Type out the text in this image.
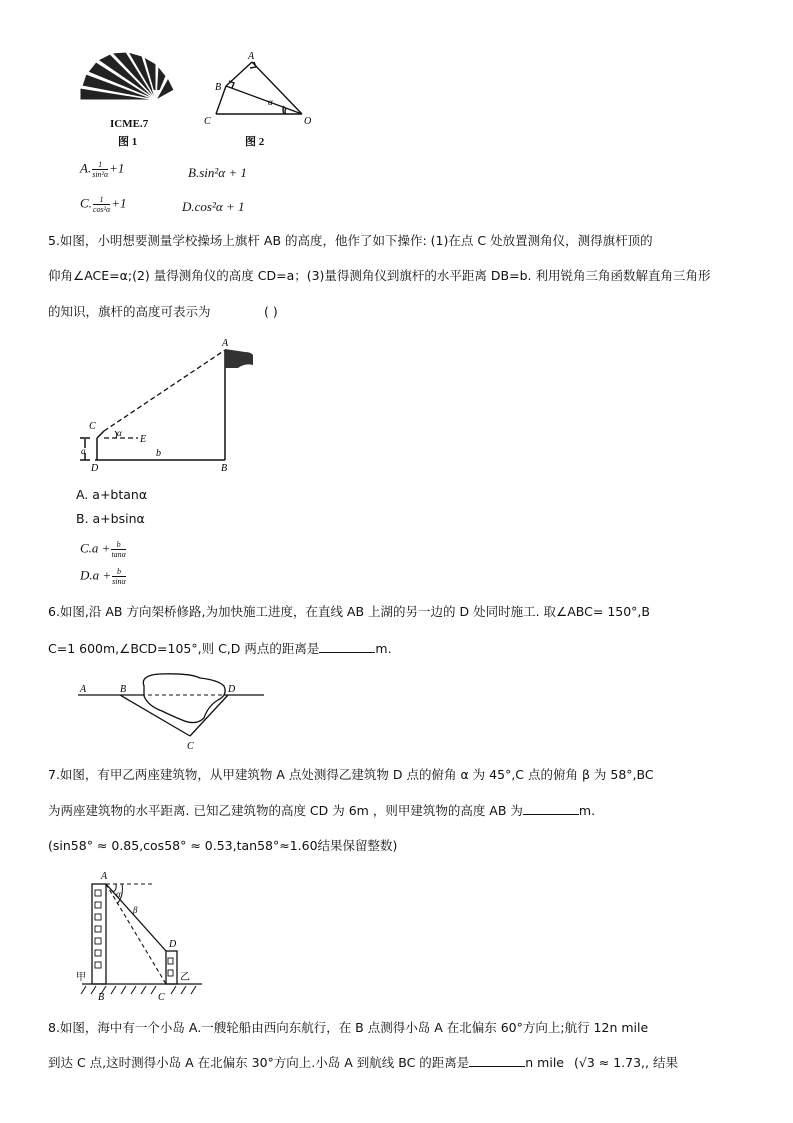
ICME.7
图 1
A
B
C	O
α
图 2
A. $\frac{1}{\text{sin²α}} +1$	B.sin²α + 1
C. $\frac{1}{\text{cos²α}} +1$	D.cos²α + 1
5.如图，小明想要测量学校操场上旗杆 AB 的高度，他作了如下操作: (1)在点 C 处放置测角仪，测得旗杆顶的
仰角∠ACE=α;(2) 量得测角仪的高度 CD=a；(3)量得测角仪到旗杆的水平距离 DB=b. 利用锐角三角函数解直角三角形
的知识，旗杆的高度可表示为	( )
A
B
C
D
E
a	b
α
A. a+btanα
B. a+bsinα
$C.a + \frac{b}{\tan\alpha}$
$D.a + \frac{b}{\sin\alpha}$
6.如图,沿 AB 方向架桥修路,为加快施工进度，在直线 AB 上湖的另一边的 D 处同时施工. 取∠ABC= 150°,B
C=1 600m,∠BCD=105°,则 C,D 两点的距离是	m.
A	B
C
D
7.如图，有甲乙两座建筑物，从甲建筑物 A 点处测得乙建筑物 D 点的俯角 α 为 45°,C 点的俯角 β 为 58°,BC
为两座建筑物的水平距离. 已知乙建筑物的高度 CD 为 6m ，则甲建筑物的高度 AB 为	m.
(sin58° ≈ 0.85,cos58° ≈ 0.53,tan58°≈1.60结果保留整数)
A
B	C
D
α
β
甲	乙
8.如图，海中有一个小岛 A.一艘轮船由西向东航行，在 B 点测得小岛 A 在北偏东 60°方向上;航行 12n mile
到达 C 点,这时测得小岛 A 在北偏东 30°方向上.小岛 A 到航线 BC 的距离是	n mile (√3 ≈ 1.73,, 结果
